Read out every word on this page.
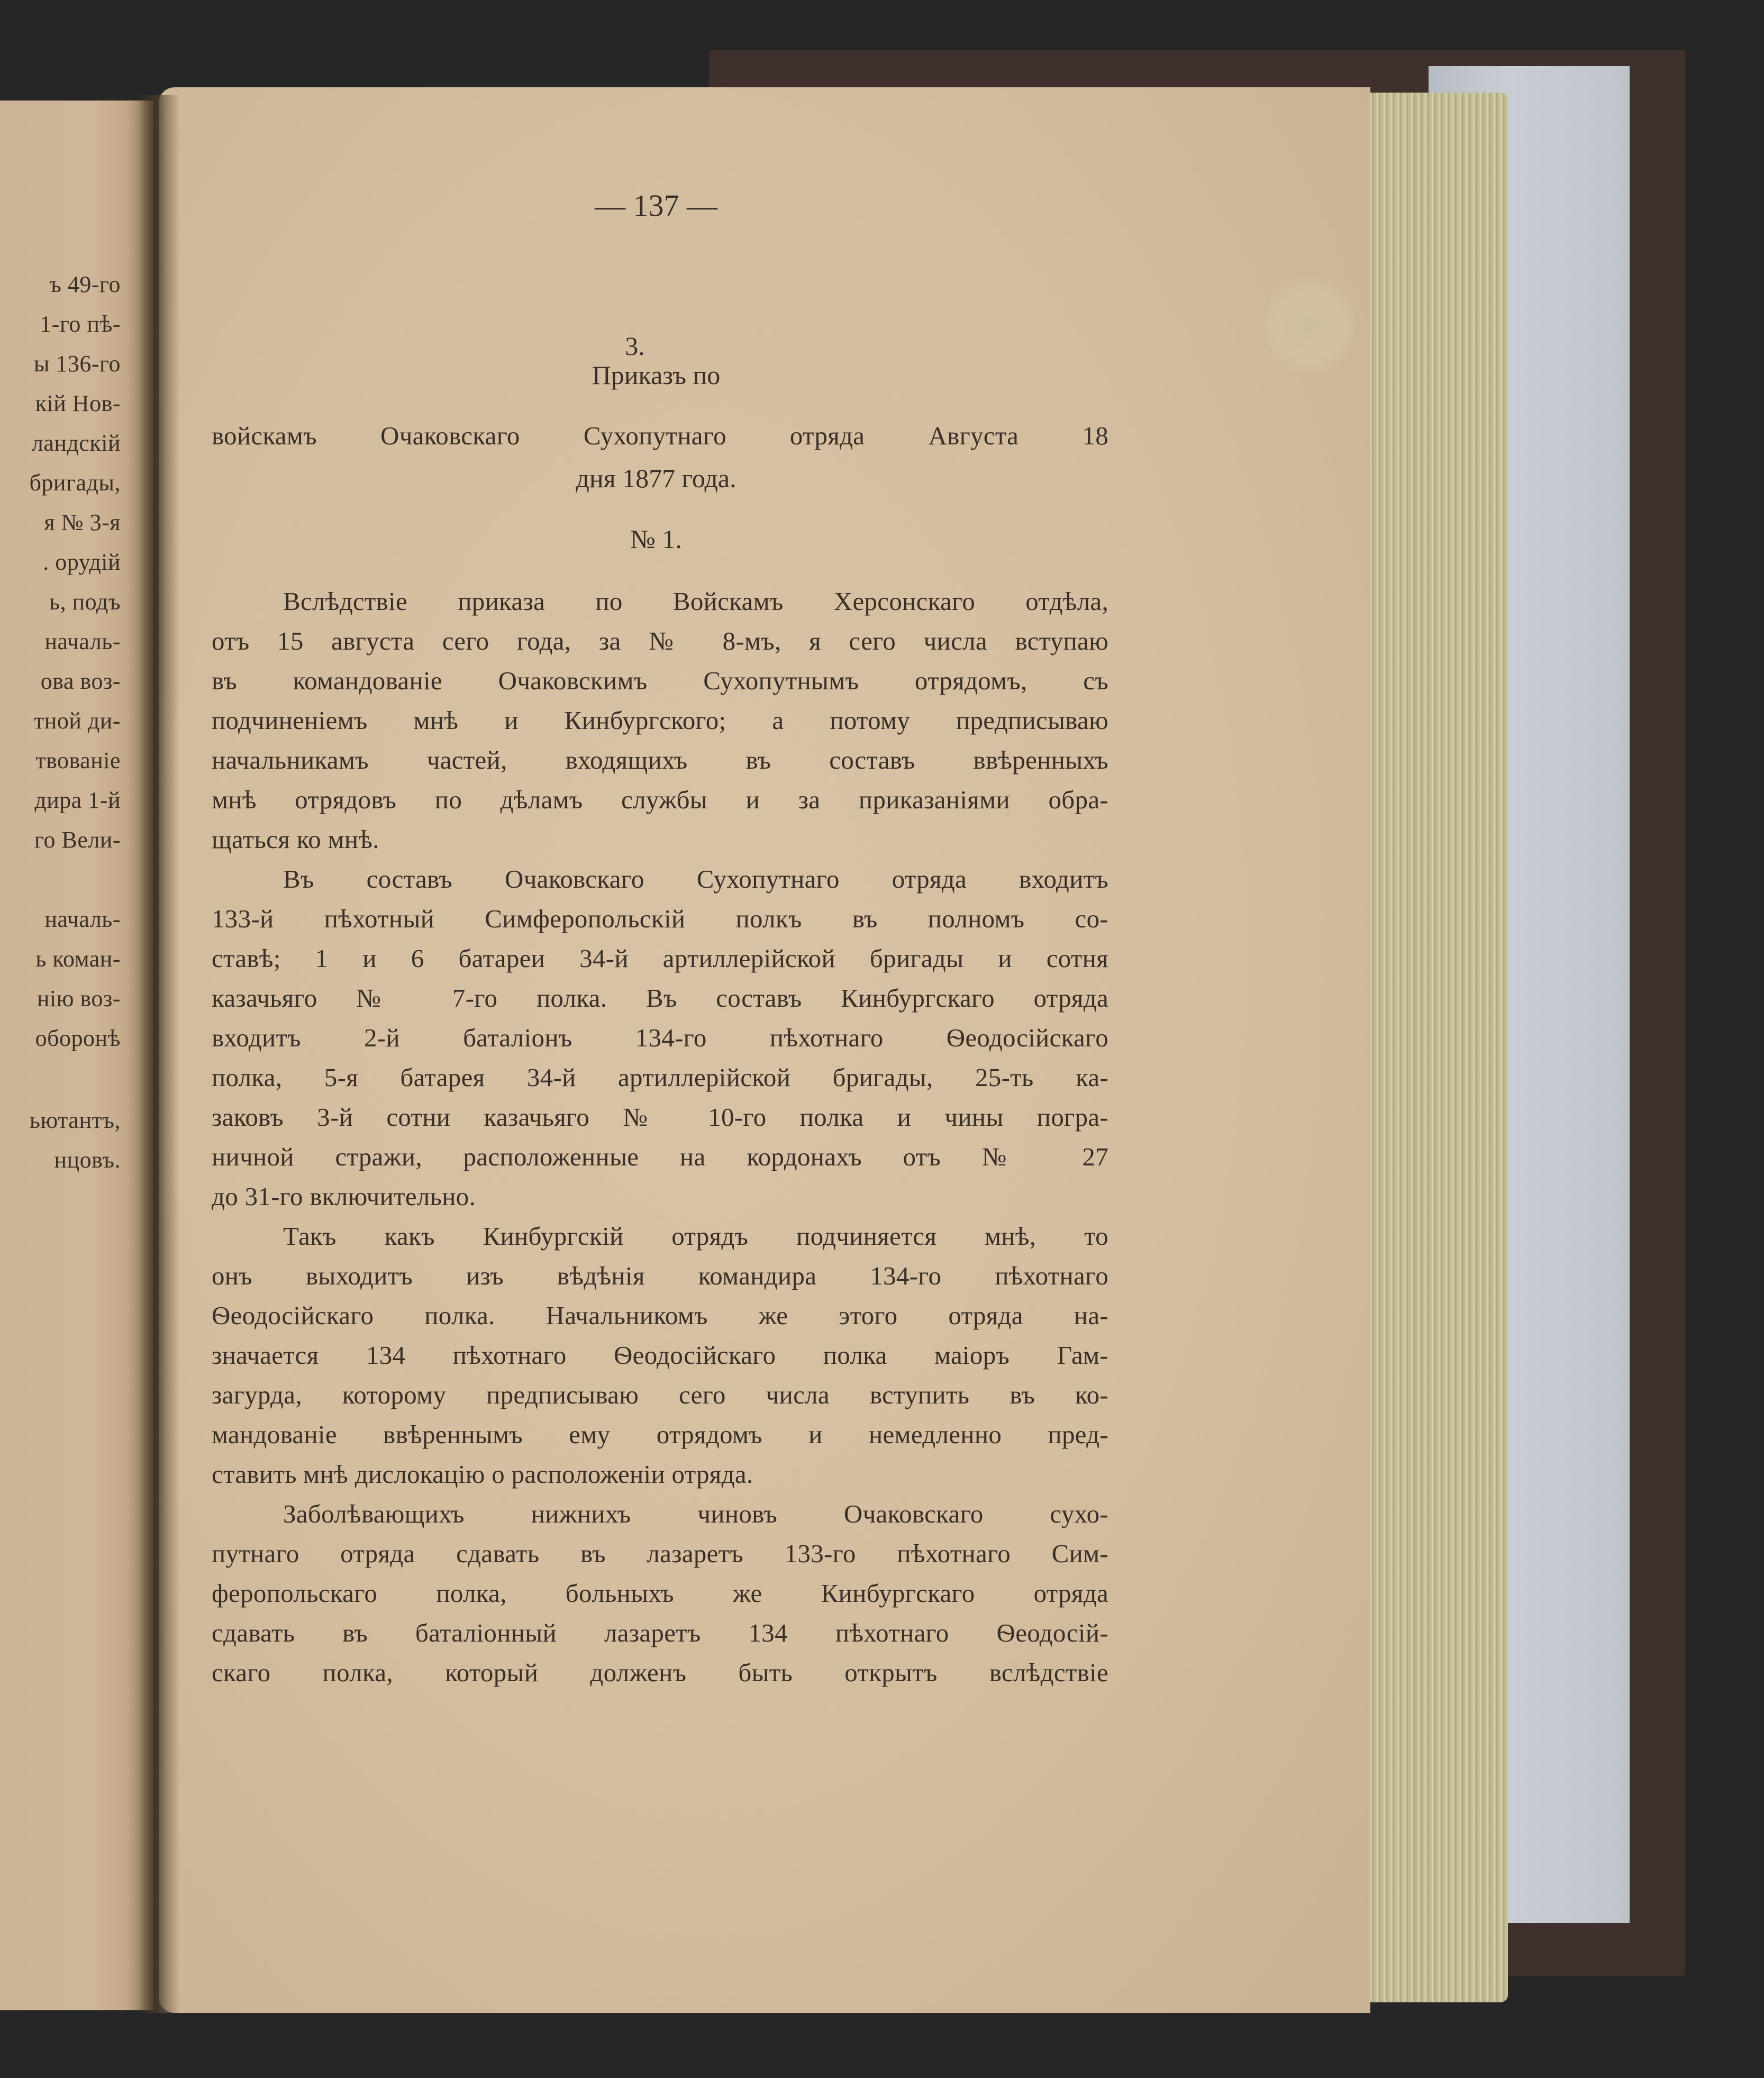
ъ 49-го
1-го пѣ-
ы 136-го
кій Нов-
ландскій
бригады,
я № 3-я
. орудій
ь, подъ
началь-
ова воз-
тной ди-
твованіе
дира 1-й
го Вели-
началь-
ь коман-
нію воз-
оборонѣ
ьютантъ,
нцовъ.
— 137 —
3.
Приказъ по
войскамъ Очаковскаго Сухопутнаго отряда Августа 18
дня 1877 года.
№ 1.
Вслѣдствіе приказа по Войскамъ Херсонскаго отдѣла,
отъ 15 августа сего года, за № 8-мъ, я сего числа вступаю
въ командованіе Очаковскимъ Сухопутнымъ отрядомъ, съ
подчиненіемъ мнѣ и Кинбургского; а потому предписываю
начальникамъ частей, входящихъ въ составъ ввѣренныхъ
мнѣ отрядовъ по дѣламъ службы и за приказаніями обра-
щаться ко мнѣ.
Въ составъ Очаковскаго Сухопутнаго отряда входитъ
133-й пѣхотный Симферопольскій полкъ въ полномъ со-
ставѣ; 1 и 6 батареи 34-й артиллерійской бригады и сотня
казачьяго № 7-го полка. Въ составъ Кинбургскаго отряда
входитъ 2-й баталіонъ 134-го пѣхотнаго Ѳеодосійскаго
полка, 5-я батарея 34-й артиллерійской бригады, 25-ть ка-
заковъ 3-й сотни казачьяго № 10-го полка и чины погра-
ничной стражи, расположенные на кордонахъ отъ № 27
до 31-го включительно.
Такъ какъ Кинбургскій отрядъ подчиняется мнѣ, то
онъ выходитъ изъ вѣдѣнія командира 134-го пѣхотнаго
Ѳеодосійскаго полка. Начальникомъ же этого отряда на-
значается 134 пѣхотнаго Ѳеодосійскаго полка маіоръ Гам-
загурда, которому предписываю сего числа вступить въ ко-
мандованіе ввѣреннымъ ему отрядомъ и немедленно пред-
ставить мнѣ дислокацію о расположеніи отряда.
Заболѣвающихъ нижнихъ чиновъ Очаковскаго сухо-
путнаго отряда сдавать въ лазаретъ 133-го пѣхотнаго Сим-
феропольскаго полка, больныхъ же Кинбургскаго отряда
сдавать въ баталіонный лазаретъ 134 пѣхотнаго Ѳеодосій-
скаго полка, который долженъ быть открытъ вслѣдствіе
